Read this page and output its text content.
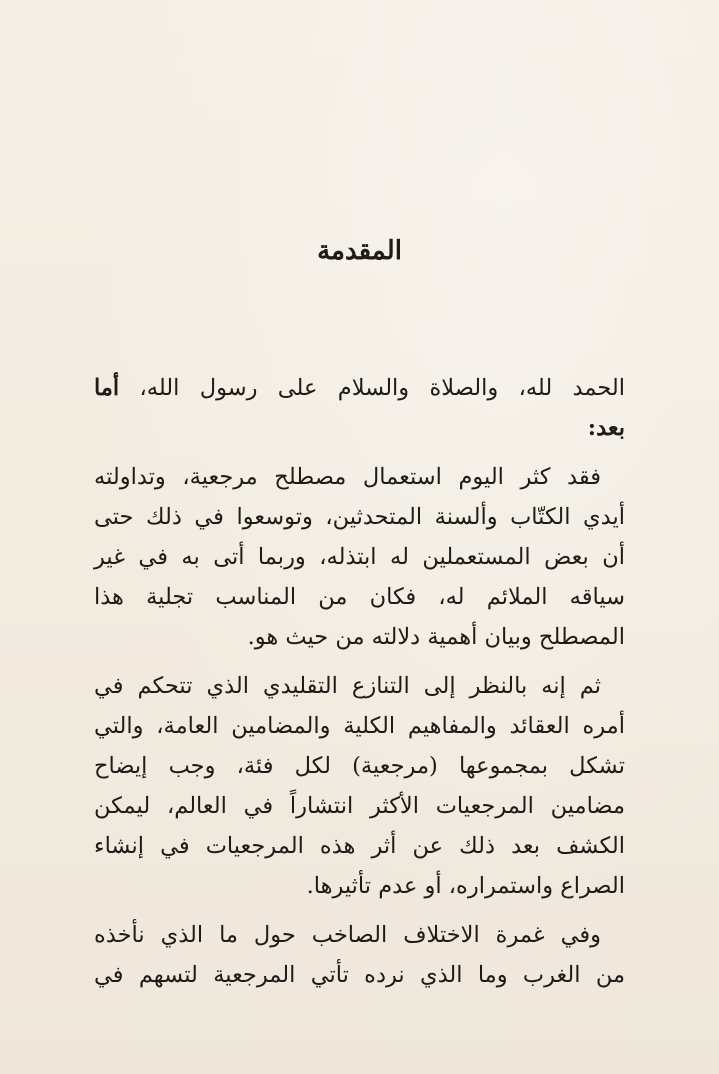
المقدمة

الحمد لله، والصلاة والسلام على رسول الله، أما
بعد:

فقد كثر اليوم استعمال مصطلح مرجعية، وتداولته
أيدي الكتّاب وألسنة المتحدثين، وتوسعوا في ذلك حتى
أن بعض المستعملين له ابتذله، وربما أتى به في غير
سياقه الملائم له، فكان من المناسب تجلية هذا
المصطلح وبيان أهمية دلالته من حيث هو.

ثم إنه بالنظر إلى التنازع التقليدي الذي تتحكم في
أمره العقائد والمفاهيم الكلية والمضامين العامة، والتي
تشكل بمجموعها (مرجعية) لكل فئة، وجب إيضاح
مضامين المرجعيات الأكثر انتشاراً في العالم، ليمكن
الكشف بعد ذلك عن أثر هذه المرجعيات في إنشاء
الصراع واستمراره، أو عدم تأثيرها.

وفي غمرة الاختلاف الصاخب حول ما الذي نأخذه
من الغرب وما الذي نرده تأتي المرجعية لتسهم في
